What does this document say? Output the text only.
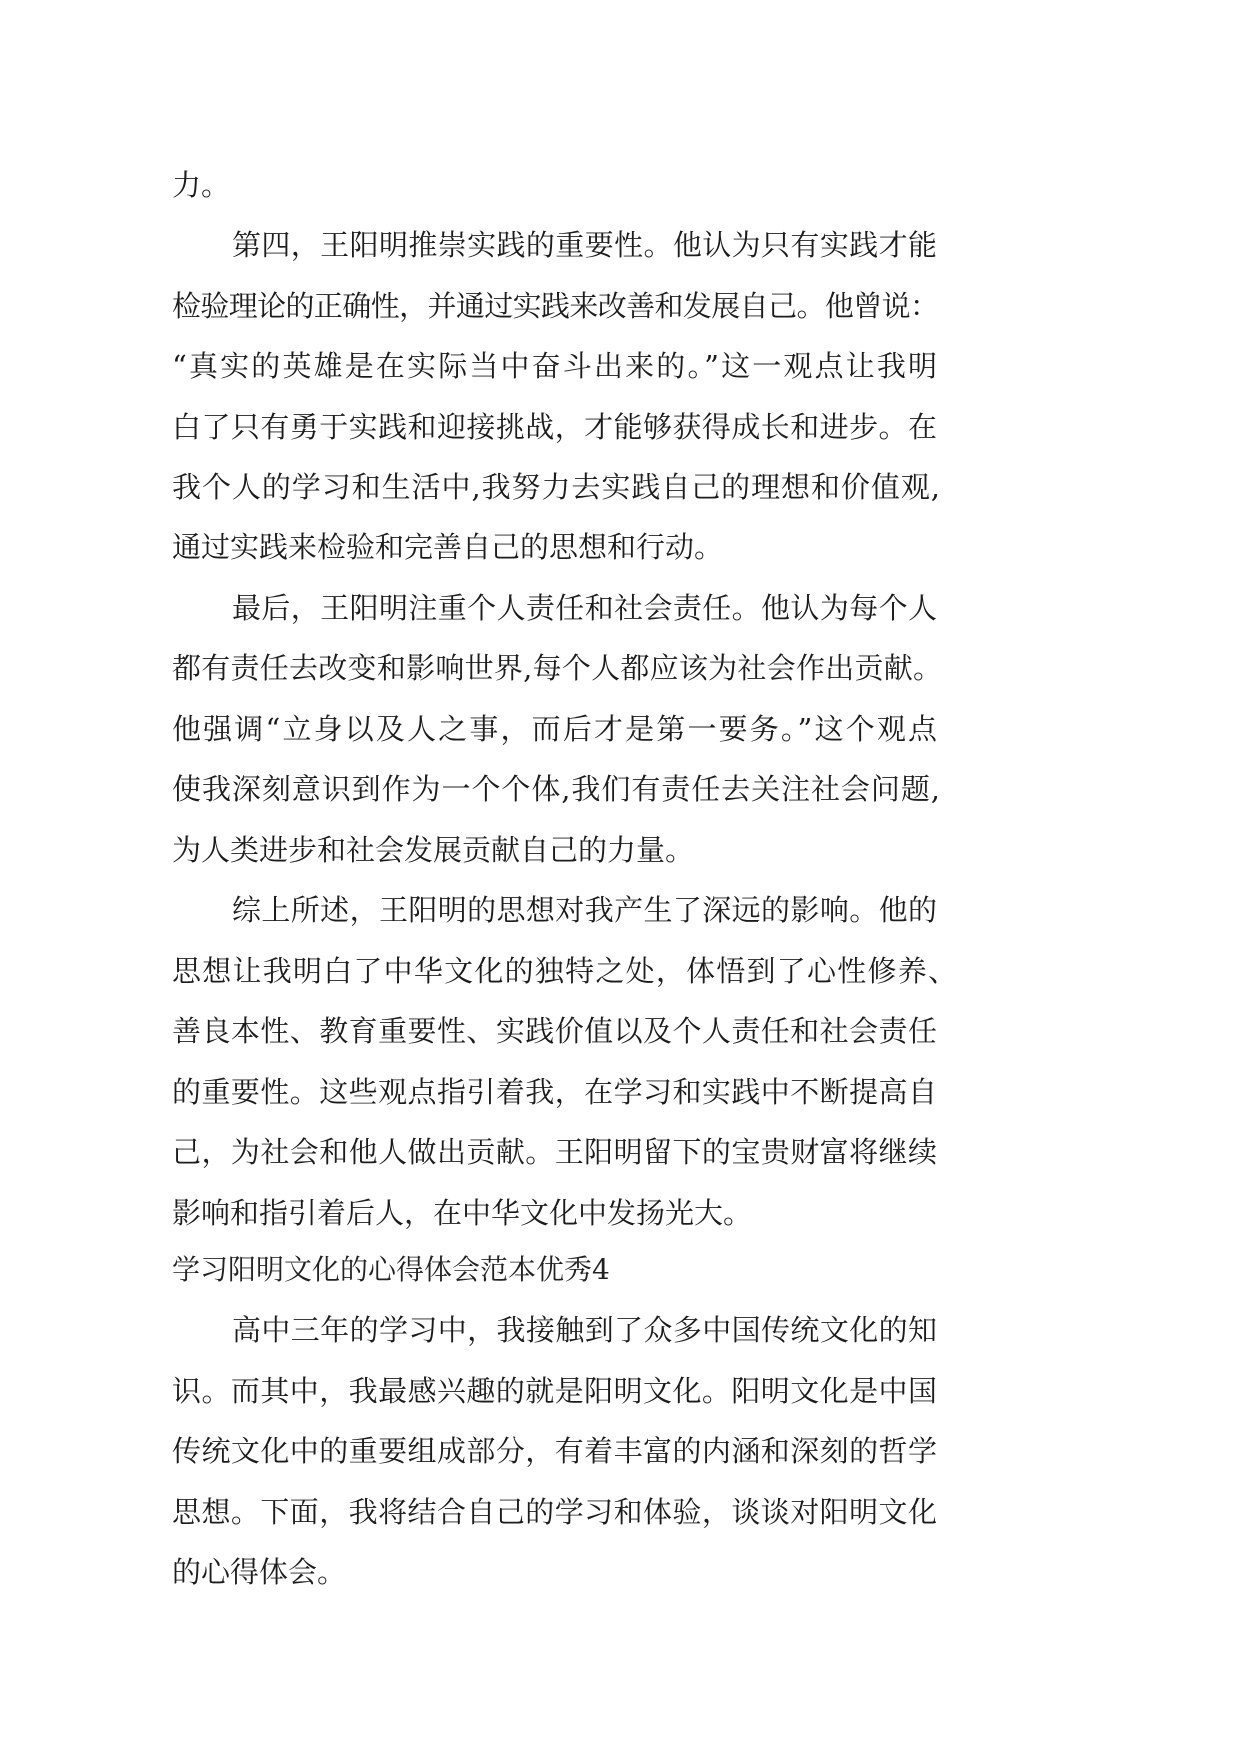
力。
第四，王阳明推崇实践的重要性。他认为只有实践才能
检验理论的正确性，并通过实践来改善和发展自己。他曾说：
“真实的英雄是在实际当中奋斗出来的。”这一观点让我明
白了只有勇于实践和迎接挑战，才能够获得成长和进步。在
我个人的学习和生活中,我努力去实践自己的理想和价值观,
通过实践来检验和完善自己的思想和行动。
最后，王阳明注重个人责任和社会责任。他认为每个人
都有责任去改变和影响世界,每个人都应该为社会作出贡献。
他强调“立身以及人之事，而后才是第一要务。”这个观点
使我深刻意识到作为一个个体,我们有责任去关注社会问题,
为人类进步和社会发展贡献自己的力量。
综上所述，王阳明的思想对我产生了深远的影响。他的
思想让我明白了中华文化的独特之处，体悟到了心性修养、
善良本性、教育重要性、实践价值以及个人责任和社会责任
的重要性。这些观点指引着我，在学习和实践中不断提高自
己，为社会和他人做出贡献。王阳明留下的宝贵财富将继续
影响和指引着后人，在中华文化中发扬光大。
学习阳明文化的心得体会范本优秀4
高中三年的学习中，我接触到了众多中国传统文化的知
识。而其中，我最感兴趣的就是阳明文化。阳明文化是中国
传统文化中的重要组成部分，有着丰富的内涵和深刻的哲学
思想。下面，我将结合自己的学习和体验，谈谈对阳明文化
的心得体会。
